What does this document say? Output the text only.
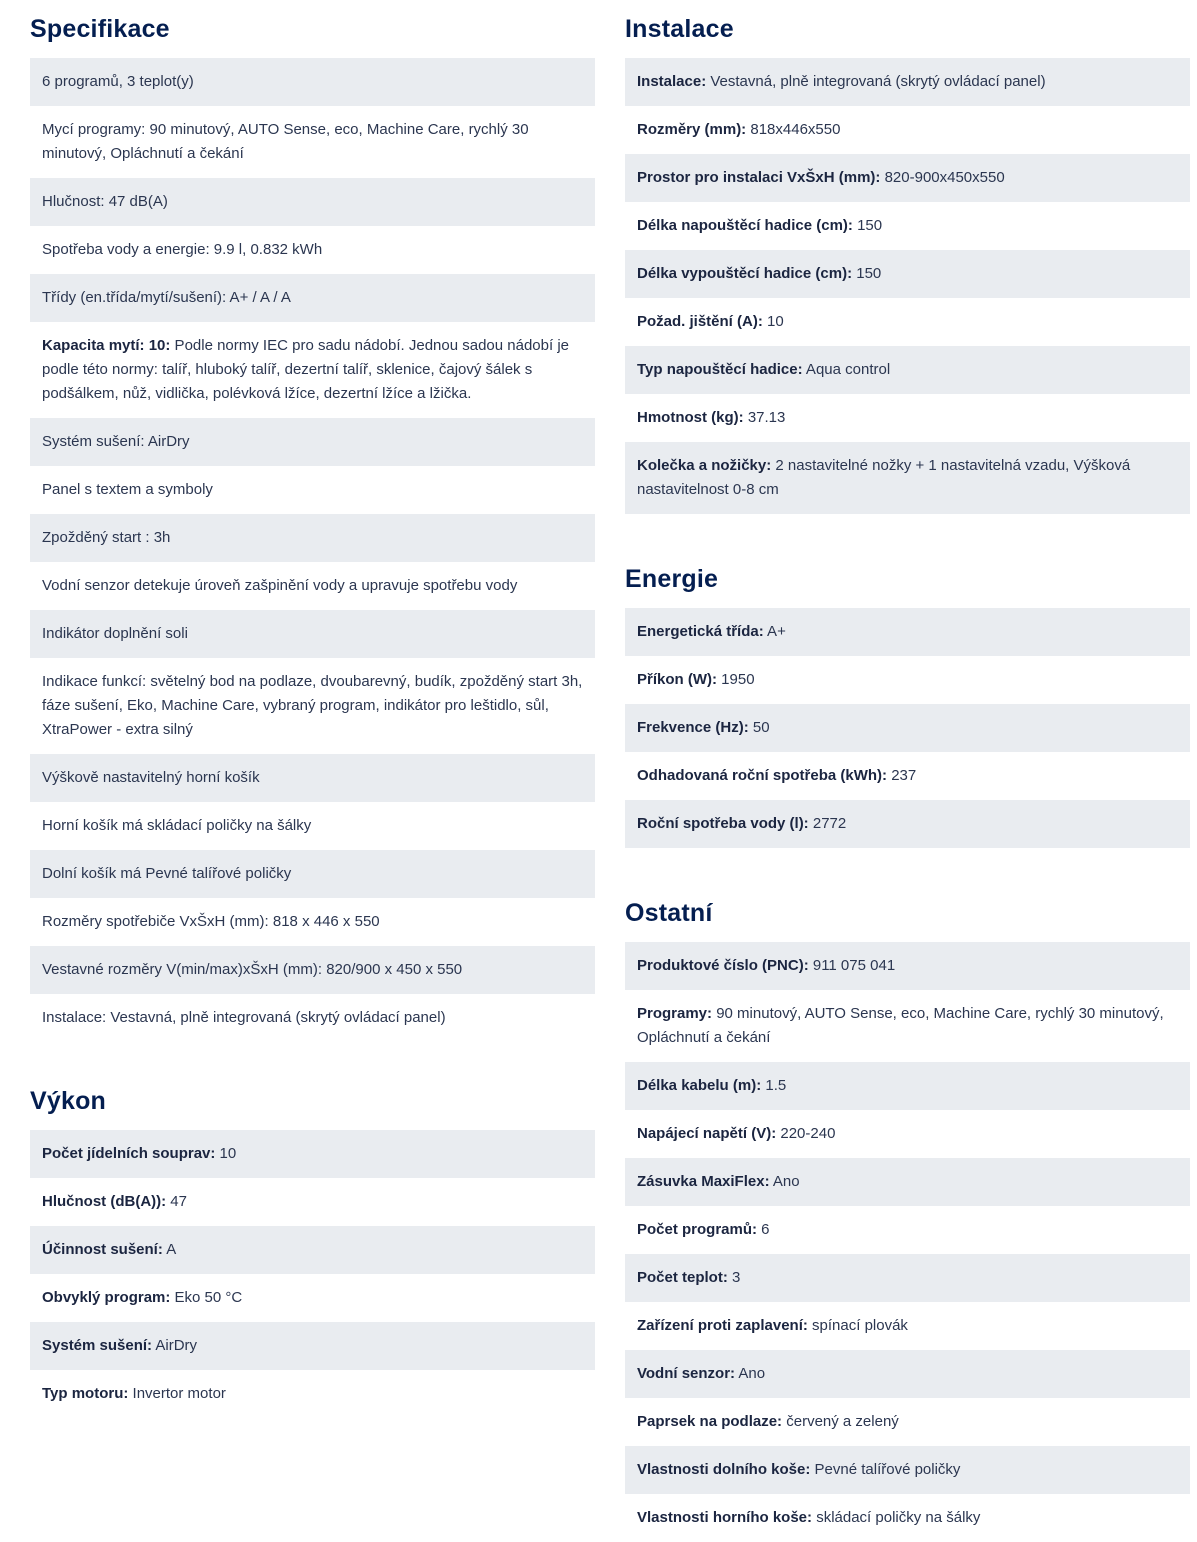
Specifikace
6 programů, 3 teplot(y)
Mycí programy: 90 minutový, AUTO Sense, eco, Machine Care, rychlý 30 minutový, Opláchnutí a čekání
Hlučnost: 47 dB(A)
Spotřeba vody a energie: 9.9 l, 0.832 kWh
Třídy (en.třída/mytí/sušení): A+ / A / A
Kapacita mytí: 10: Podle normy IEC pro sadu nádobí. Jednou sadou nádobí je podle této normy: talíř, hluboký talíř, dezertní talíř, sklenice, čajový šálek s podšálkem, nůž, vidlička, polévková lžíce, dezertní lžíce a lžička.
Systém sušení: AirDry
Panel s textem a symboly
Zpožděný start : 3h
Vodní senzor detekuje úroveň zašpinění vody a upravuje spotřebu vody
Indikátor doplnění soli
Indikace funkcí: světelný bod na podlaze, dvoubarevný, budík, zpožděný start 3h, fáze sušení, Eko, Machine Care, vybraný program, indikátor pro leštidlo, sůl, XtraPower - extra silný
Výškově nastavitelný horní košík
Horní košík má skládací poličky na šálky
Dolní košík má Pevné talířové poličky
Rozměry spotřebiče VxŠxH (mm): 818 x 446 x 550
Vestavné rozměry V(min/max)xŠxH (mm): 820/900 x 450 x 550
Instalace: Vestavná, plně integrovaná (skrytý ovládací panel)
Výkon
Počet jídelních souprav: 10
Hlučnost (dB(A)): 47
Účinnost sušení: A
Obvyklý program: Eko 50 °C
Systém sušení: AirDry
Typ motoru: Invertor motor
Instalace
Instalace: Vestavná, plně integrovaná (skrytý ovládací panel)
Rozměry (mm): 818x446x550
Prostor pro instalaci VxŠxH (mm): 820-900x450x550
Délka napouštěcí hadice (cm): 150
Délka vypouštěcí hadice (cm): 150
Požad. jištění (A): 10
Typ napouštěcí hadice: Aqua control
Hmotnost (kg): 37.13
Kolečka a nožičky: 2 nastavitelné nožky + 1 nastavitelná vzadu, Výšková nastavitelnost 0-8 cm
Energie
Energetická třída: A+
Příkon (W): 1950
Frekvence (Hz): 50
Odhadovaná roční spotřeba (kWh): 237
Roční spotřeba vody (l): 2772
Ostatní
Produktové číslo (PNC): 911 075 041
Programy: 90 minutový, AUTO Sense, eco, Machine Care, rychlý 30 minutový, Opláchnutí a čekání
Délka kabelu (m): 1.5
Napájecí napětí (V): 220-240
Zásuvka MaxiFlex: Ano
Počet programů: 6
Počet teplot: 3
Zařízení proti zaplavení: spínací plovák
Vodní senzor: Ano
Paprsek na podlaze: červený a zelený
Vlastnosti dolního koše: Pevné talířové poličky
Vlastnosti horního koše: skládací poličky na šálky
